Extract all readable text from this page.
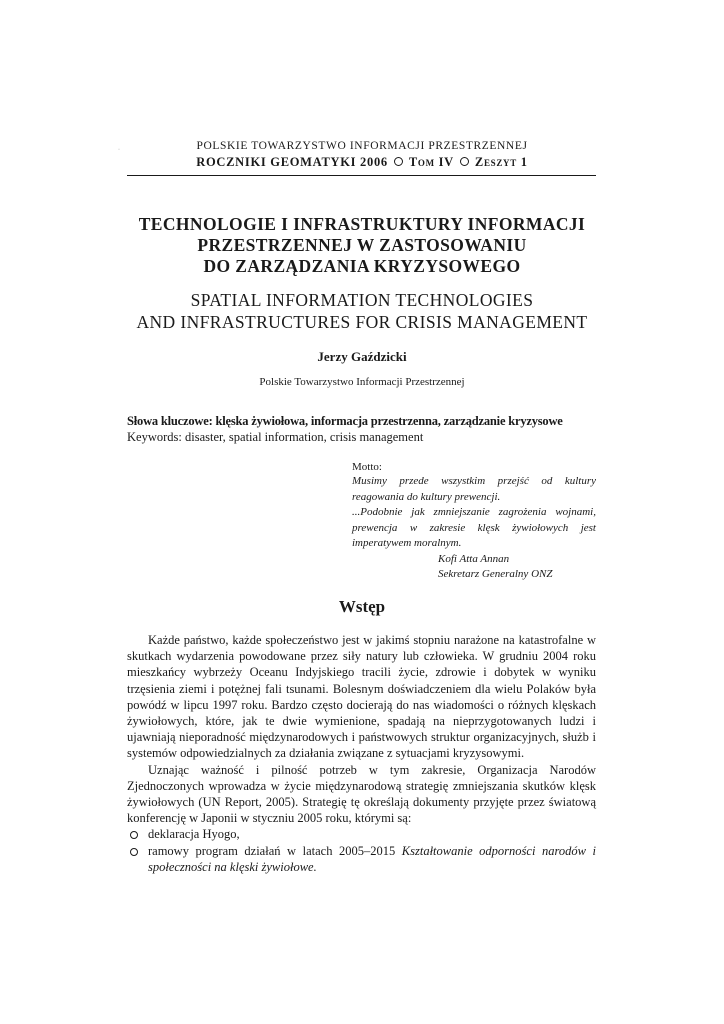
·	POLSKIE TOWARZYSTWO INFORMACJI PRZESTRZENNEJ
ROCZNIKI GEOMATYKI 2006 Tom IV Zeszyt 1
TECHNOLOGIE I INFRASTRUKTURY INFORMACJI
PRZESTRZENNEJ W ZASTOSOWANIU
DO ZARZĄDZANIA KRYZYSOWEGO
SPATIAL INFORMATION TECHNOLOGIES
AND INFRASTRUCTURES FOR CRISIS MANAGEMENT
Jerzy Gaździcki
Polskie Towarzystwo Informacji Przestrzennej
Słowa kluczowe: klęska żywiołowa, informacja przestrzenna, zarządzanie kryzysowe
Keywords: disaster, spatial information, crisis management
Motto:

Musimy przede wszystkim przejść od kultury reagowania do kultury prewencji.

...Podobnie jak zmniejszanie zagrożenia wojnami, prewencja w zakresie klęsk żywiołowych jest imperatywem moralnym.

Kofi Atta Annan

Sekretarz Generalny ONZ

Wstęp

Każde państwo, każde społeczeństwo jest w jakimś stopniu narażone na katastrofalne w skutkach wydarzenia powodowane przez siły natury lub człowieka. W grudniu 2004 roku mieszkańcy wybrzeży Oceanu Indyjskiego tracili życie, zdrowie i dobytek w wyniku trzęsienia ziemi i potężnej fali tsunami. Bolesnym doświadczeniem dla wielu Polaków była powódź w lipcu 1997 roku. Bardzo często docierają do nas wiadomości o różnych klęskach żywiołowych, które, jak te dwie wymienione, spadają na nieprzygotowanych ludzi i ujawniają nieporadność międzynarodowych i państwowych struktur organizacyjnych, służb i systemów odpowiedzialnych za działania związane z sytuacjami kryzysowymi.

Uznając ważność i pilność potrzeb w tym zakresie, Organizacja Narodów Zjednoczonych wprowadza w życie międzynarodową strategię zmniejszania skutków klęsk żywiołowych (UN Report, 2005). Strategię tę określają dokumenty przyjęte przez światową konferencję w Japonii w styczniu 2005 roku, którymi są:

deklaracja Hyogo,
ramowy program działań w latach 2005–2015 Kształtowanie odporności narodów i społeczności na klęski żywiołowe.
